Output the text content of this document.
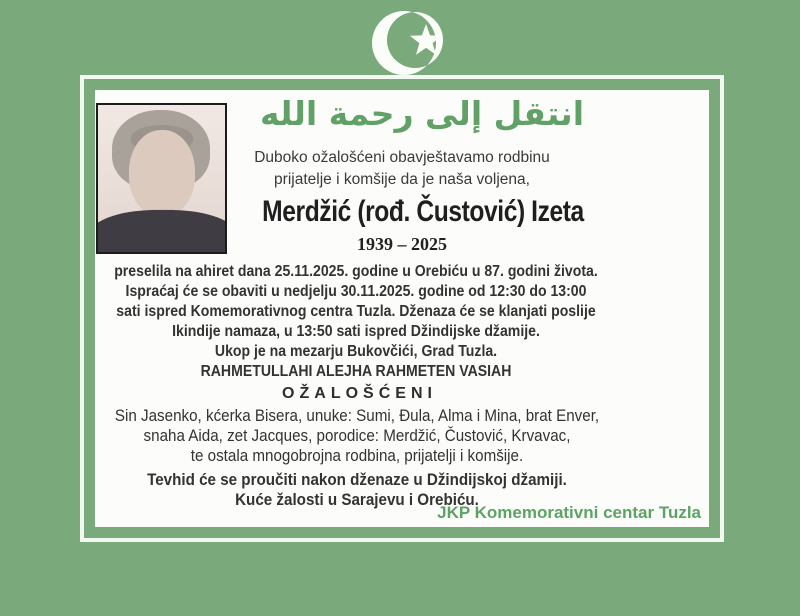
انتقل إلى رحمة الله
Duboko ožalošćeni obavještavamo rodbinu
prijatelje i komšije da je naša voljena,
Merdžić (rođ. Čustović) Izeta
1939 – 2025
preselila na ahiret dana 25.11.2025. godine u Orebiću u 87. godini života.
Ispraćaj će se obaviti u nedjelju 30.11.2025. godine od 12:30 do 13:00
sati ispred Komemorativnog centra Tuzla. Dženaza će se klanjati poslije
Ikindije namaza, u 13:50 sati ispred Džindijske džamije.
Ukop je na mezarju Bukovčići, Grad Tuzla.
RAHMETULLAHI ALEJHA RAHMETEN VASIAH
OŽALOŠĆENI
Sin Jasenko, kćerka Bisera, unuke: Sumi, Đula, Alma i Mina, brat Enver,
snaha Aida, zet Jacques, porodice: Merdžić, Čustović, Krvavac,
te ostala mnogobrojna rodbina, prijatelji i komšije.
Tevhid će se proučiti nakon dženaze u Džindijskoj džamiji.
Kuće žalosti u Sarajevu i Orebiću.
JKP Komemorativni centar Tuzla
